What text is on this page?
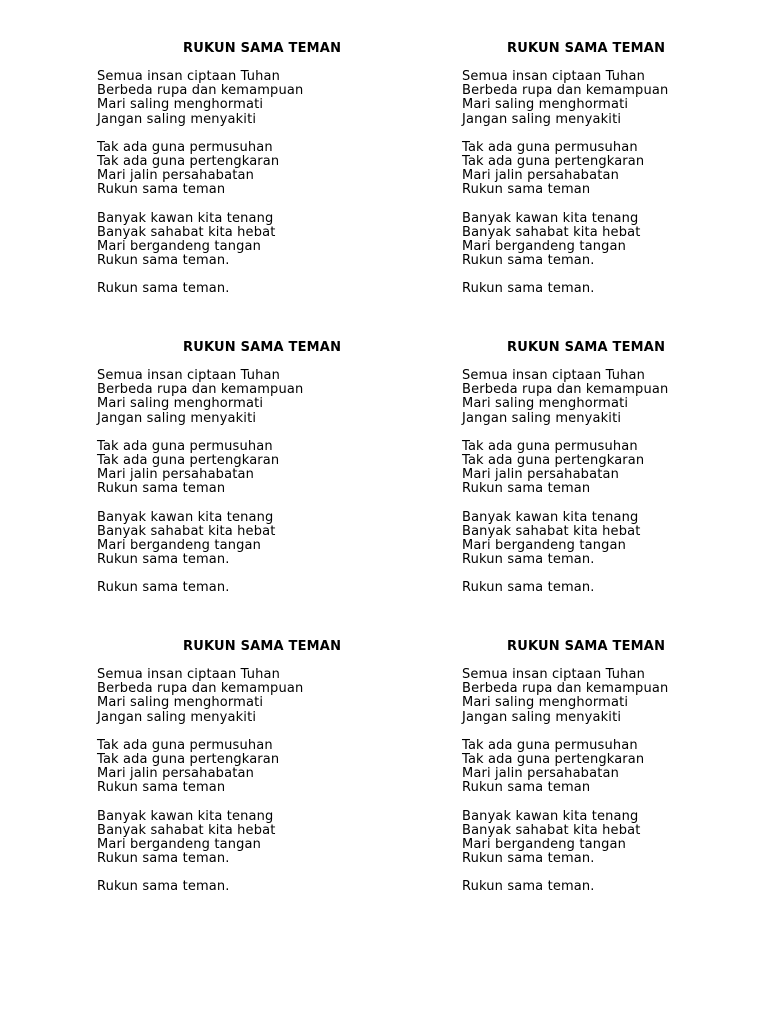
RUKUN SAMA TEMAN
Semua insan ciptaan Tuhan
Berbeda rupa dan kemampuan
Mari saling menghormati
Jangan saling menyakiti
Tak ada guna permusuhan
Tak ada guna pertengkaran
Mari jalin persahabatan
Rukun sama teman
Banyak kawan kita tenang
Banyak sahabat kita hebat
Mari bergandeng tangan
Rukun sama teman.
Rukun sama teman.
RUKUN SAMA TEMAN
Semua insan ciptaan Tuhan
Berbeda rupa dan kemampuan
Mari saling menghormati
Jangan saling menyakiti
Tak ada guna permusuhan
Tak ada guna pertengkaran
Mari jalin persahabatan
Rukun sama teman
Banyak kawan kita tenang
Banyak sahabat kita hebat
Mari bergandeng tangan
Rukun sama teman.
Rukun sama teman.
RUKUN SAMA TEMAN
Semua insan ciptaan Tuhan
Berbeda rupa dan kemampuan
Mari saling menghormati
Jangan saling menyakiti
Tak ada guna permusuhan
Tak ada guna pertengkaran
Mari jalin persahabatan
Rukun sama teman
Banyak kawan kita tenang
Banyak sahabat kita hebat
Mari bergandeng tangan
Rukun sama teman.
Rukun sama teman.
RUKUN SAMA TEMAN
Semua insan ciptaan Tuhan
Berbeda rupa dan kemampuan
Mari saling menghormati
Jangan saling menyakiti
Tak ada guna permusuhan
Tak ada guna pertengkaran
Mari jalin persahabatan
Rukun sama teman
Banyak kawan kita tenang
Banyak sahabat kita hebat
Mari bergandeng tangan
Rukun sama teman.
Rukun sama teman.
RUKUN SAMA TEMAN
Semua insan ciptaan Tuhan
Berbeda rupa dan kemampuan
Mari saling menghormati
Jangan saling menyakiti
Tak ada guna permusuhan
Tak ada guna pertengkaran
Mari jalin persahabatan
Rukun sama teman
Banyak kawan kita tenang
Banyak sahabat kita hebat
Mari bergandeng tangan
Rukun sama teman.
Rukun sama teman.
RUKUN SAMA TEMAN
Semua insan ciptaan Tuhan
Berbeda rupa dan kemampuan
Mari saling menghormati
Jangan saling menyakiti
Tak ada guna permusuhan
Tak ada guna pertengkaran
Mari jalin persahabatan
Rukun sama teman
Banyak kawan kita tenang
Banyak sahabat kita hebat
Mari bergandeng tangan
Rukun sama teman.
Rukun sama teman.
